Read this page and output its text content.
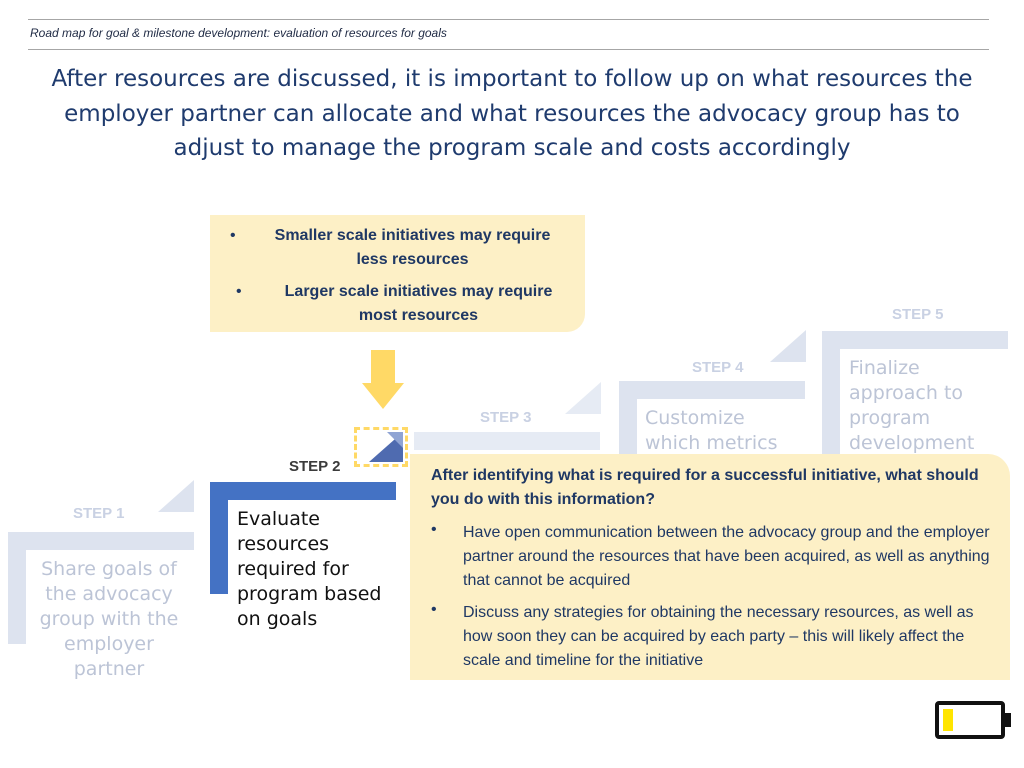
Road map for goal & milestone development: evaluation of resources for goals
After resources are discussed, it is important to follow up on what resources the employer partner can allocate and what resources the advocacy group has to adjust to manage the program scale and costs accordingly
•	Smaller scale initiatives may require less resources
•	Larger scale initiatives may require most resources
STEP 1
Share goals of the advocacy group with the employer partner
STEP 2
Evaluate resources required for program based on goals
STEP 3
STEP 4
Customize which metrics
STEP 5
Finalize approach to program development
After identifying what is required for a successful initiative, what should you do with this information?
• Have open communication between the advocacy group and the employer partner around the resources that have been acquired, as well as anything that cannot be acquired
• Discuss any strategies for obtaining the necessary resources, as well as how soon they can be acquired by each party – this will likely affect the scale and timeline for the initiative
